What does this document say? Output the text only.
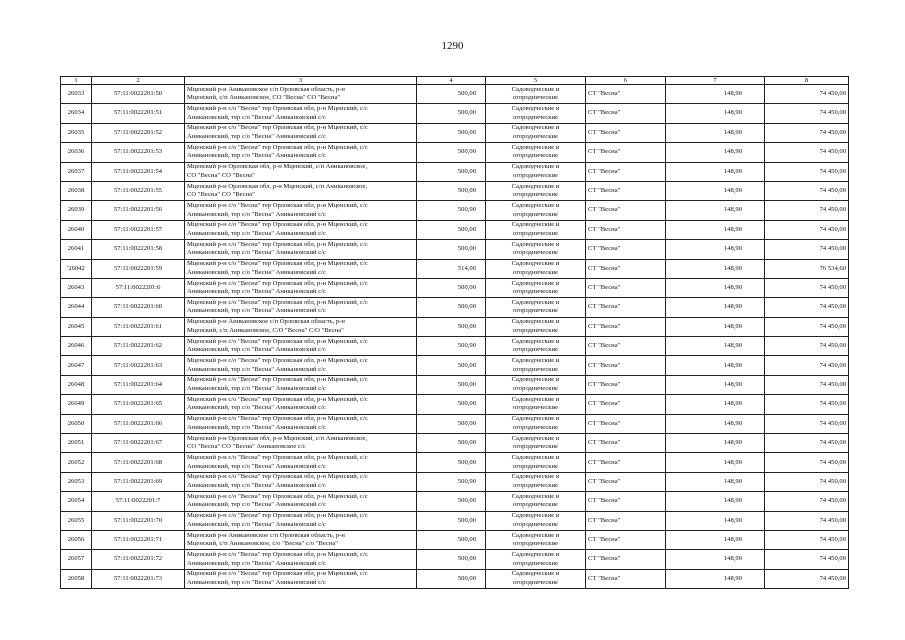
1290
1	2	3	4	5	6	7	8
26033	57:11:0022201:50	Мценский р-н Аникановское с/п Орловская область, р-н
Мценский, с/п Аникановское, СО "Весна" СО "Весна"	500,00	Садоводческие и
огороднические	СТ "Весна"	148,90	74 450,00
26034	57:11:0022201:51	Мценский р-н с/о "Весна" тер Орловская обл, р-н Мценский, с/с
Аникановский, тер с/о "Весна" Аникановский с/с	500,00	Садоводческие и
огороднические	СТ "Весна"	148,90	74 450,00
26035	57:11:0022201:52	Мценский р-н с/о "Весна" тер Орловская обл, р-н Мценский, с/с
Аникановский, тер с/о "Весна" Аникановский с/с	500,00	Садоводческие и
огороднические	СТ "Весна"	148,90	74 450,00
26036	57:11:0022201:53	Мценский р-н с/о "Весна" тер Орловская обл, р-н Мценский, с/с
Аникановский, тер с/о "Весна" Аникановский с/с	500,00	Садоводческие и
огороднические	СТ "Весна"	148,90	74 450,00
26037	57:11:0022201:54	Мценский р-н Орловская обл, р-н Мценский, с/п Аникановское,
СО "Весна" СО "Весна"	500,00	Садоводческие и
огороднические	СТ "Весна"	148,90	74 450,00
26038	57:11:0022201:55	Мценский р-н Орловская обл, р-н Мценский, с/п Аникановское,
СО "Весна" СО "Весна"	500,00	Садоводческие и
огороднические	СТ "Весна"	148,90	74 450,00
26039	57:11:0022201:56	Мценский р-н с/о "Весна" тер Орловская обл, р-н Мценский, с/с
Аникановский, тер с/о "Весна" Аникановский с/с	500,00	Садоводческие и
огороднические	СТ "Весна"	148,90	74 450,00
26040	57:11:0022201:57	Мценский р-н с/о "Весна" тер Орловская обл, р-н Мценский, с/с
Аникановский, тер с/о "Весна" Аникановский с/с	500,00	Садоводческие и
огороднические	СТ "Весна"	148,90	74 450,00
26041	57:11:0022201:58	Мценский р-н с/о "Весна" тер Орловская обл, р-н Мценский, с/с
Аникановский, тер с/о "Весна" Аникановский с/с	500,00	Садоводческие и
огороднические	СТ "Весна"	148,90	74 450,00
'26042	57:11:0022201:59	Мценский р-н с/о "Весна" тер Орловская обл, р-н Мценский, с/с
Аникановский, тер с/о "Весна" Аникановский с/с	514,00	Садоводческие и
огороднические	СТ "Весна"	148,90	76 534,60
26043	57:11:0022201:6	Мценский р-н с/о "Весна" тер Орловская обл, р-н Мценский, с/с
Аникановский, тер с/о "Весна" Аникановский с/с	500,00	Садоводческие и
огороднические	СТ "Весна"	148,90	74 450,00
26044	57:11:0022201:60	Мценский р-н с/о "Весна" тер Орловская обл, р-н Мценский, с/с
Аникановский, тер с/о "Весна" Аникановский с/с	500,00	Садоводческие и
огороднические	СТ "Весна"	148,90	74 450,00
26045	57:11:0022201:61	Мценский р-н Аникановское с/п Орловская область, р-н
Мценский, с/п Аникановское, С/О "Весна" С/О "Весна"	500,00	Садоводческие и
огороднические	СТ "Весна"	148,90	74 450,00
26046	57:11:0022201:62	Мценский р-н с/о "Весна" тер Орловская обл, р-н Мценский, с/с
Аникановский, тер с/о "Весна" Аникановский с/с	500,00	Садоводческие и
огороднические	СТ "Весна"	148,90	74 450,00
26047	57:11:0022201:63	Мценский р-н с/о "Весна" тер Орловская обл, р-н Мценский, с/с
Аникановский, тер с/о "Весна" Аникановский с/с	500,00	Садоводческие и
огороднические	СТ "Весна"	148,90	74 450,00
26048	57:11:0022201:64	Мценский р-н с/о "Весна" тер Орловская обл, р-н Мценский, с/с
Аникановский, тер с/о "Весна" Аникановский с/с	500,00	Садоводческие и
огороднические	СТ "Весна"	148,90	74 450,00
26049	57:11:0022201:65	Мценский р-н с/о "Весна" тер Орловская обл, р-н Мценский, с/с
Аникановский, тер с/о "Весна" Аникановский с/с	500,00	Садоводческие и
огороднические	СТ "Весна"	148,90	74 450,00
26050	57:11:0022201:66	Мценский р-н с/о "Весна" тер Орловская обл, р-н Мценский, с/с
Аникановский, тер с/о "Весна" Аникановский с/с	500,00	Садоводческие и
огороднические	СТ "Весна"	148,90	74 450,00
26051	57:11:0022201:67	Мценский р-н Орловская обл, р-н Мценский, с/п Аникановское,
СО "Весна" СО "Весна" Аникановское с/с	500,00	Садоводческие и
огороднические	СТ "Весна"	148,90	74 450,00
26052	57:11:0022201:68	Мценский р-н с/о "Весна" тер Орловская обл, р-н Мценский, с/с
Аникановский, тер с/о "Весна" Аникановский с/с	500,00	Садоводческие и
огороднические	СТ "Весна"	148,90	74 450,00
26053	57:11:0022201:69	Мценский р-н с/о "Весна" тер Орловская обл, р-н Мценский, с/с
Аникановский, тер с/о "Весна" Аникановский с/с	500,00	Садоводческие и
огороднические	СТ "Весна"	148,90	74 450,00
26054	57:11:0022201:7	Мценский р-н с/о "Весна" тер Орловская обл, р-н Мценский, с/с
Аникановский, тер с/о "Весна" Аникановский с/с	500,00	Садоводческие и
огороднические	СТ "Весна"	148,90	74 450,00
26055	57:11:0022201:70	Мценский р-н с/о "Весна" тер Орловская обл, р-н Мценский, с/с
Аникановский, тер с/о "Весна" Аникановский с/с	500,00	Садоводческие и
огороднические	СТ "Весна"	148,90	74 450,00
26056	57:11:0022201:71	Мценский р-н Аникановское с/п Орловская область, р-н
Мценский, с/п Аникановское, с/о "Весна" с/о "Весна"	500,00	Садоводческие и
огороднические	СТ "Весна"	148,90	74 450,00
26057	57:11:0022201:72	Мценский р-н с/о "Весна" тер Орловская обл, р-н Мценский, с/с
Аникановский, тер с/о "Весна" Аникановский с/с	500,00	Садоводческие и
огороднические	СТ "Весна"	148,90	74 450,00
26058	57:11:0022201:73	Мценский р-н с/о "Весна" тер Орловская обл, р-н Мценский, с/с
Аникановский, тер с/о "Весна" Аникановский с/с	500,00	Садоводческие и
огороднические	СТ "Весна"	148,90	74 450,00
